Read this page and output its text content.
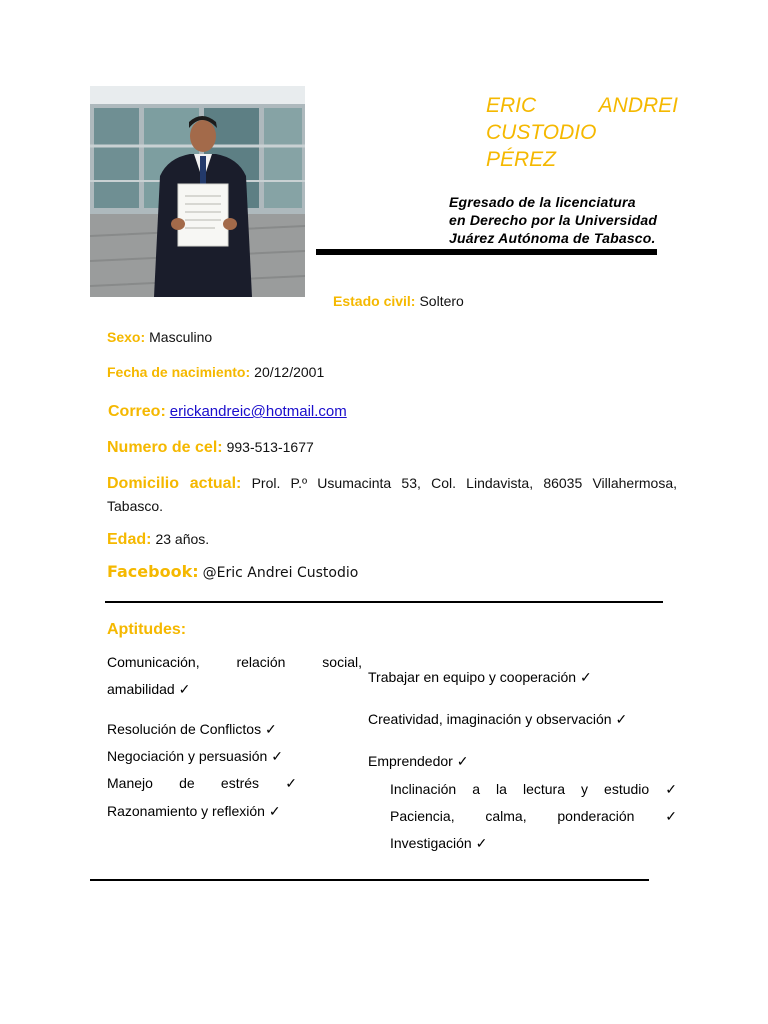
ERIC	ANDREI
CUSTODIO
PÉREZ
Egresado de la licenciatura
en Derecho por la Universidad
Juárez Autónoma de Tabasco.
Estado civil: Soltero
Sexo: Masculino
Fecha de nacimiento: 20/12/2001
Correo: erickandreic@hotmail.com
Numero de cel: 993-513-1677
Domicilio actual: Prol. P.º Usumacinta 53, Col. Lindavista, 86035 Villahermosa, Tabasco.
Edad: 23 años.
Facebook: @Eric Andrei Custodio
Aptitudes:
Comunicación,	relación	social,
amabilidad ✓
Resolución de Conflictos ✓
Negociación y persuasión ✓
Manejo de estrés ✓
Razonamiento y reflexión ✓
Trabajar en equipo y cooperación ✓
Creatividad, imaginación y observación ✓
Emprendedor ✓
Inclinación a la lectura y estudio ✓
Paciencia, calma, ponderación ✓
Investigación ✓
